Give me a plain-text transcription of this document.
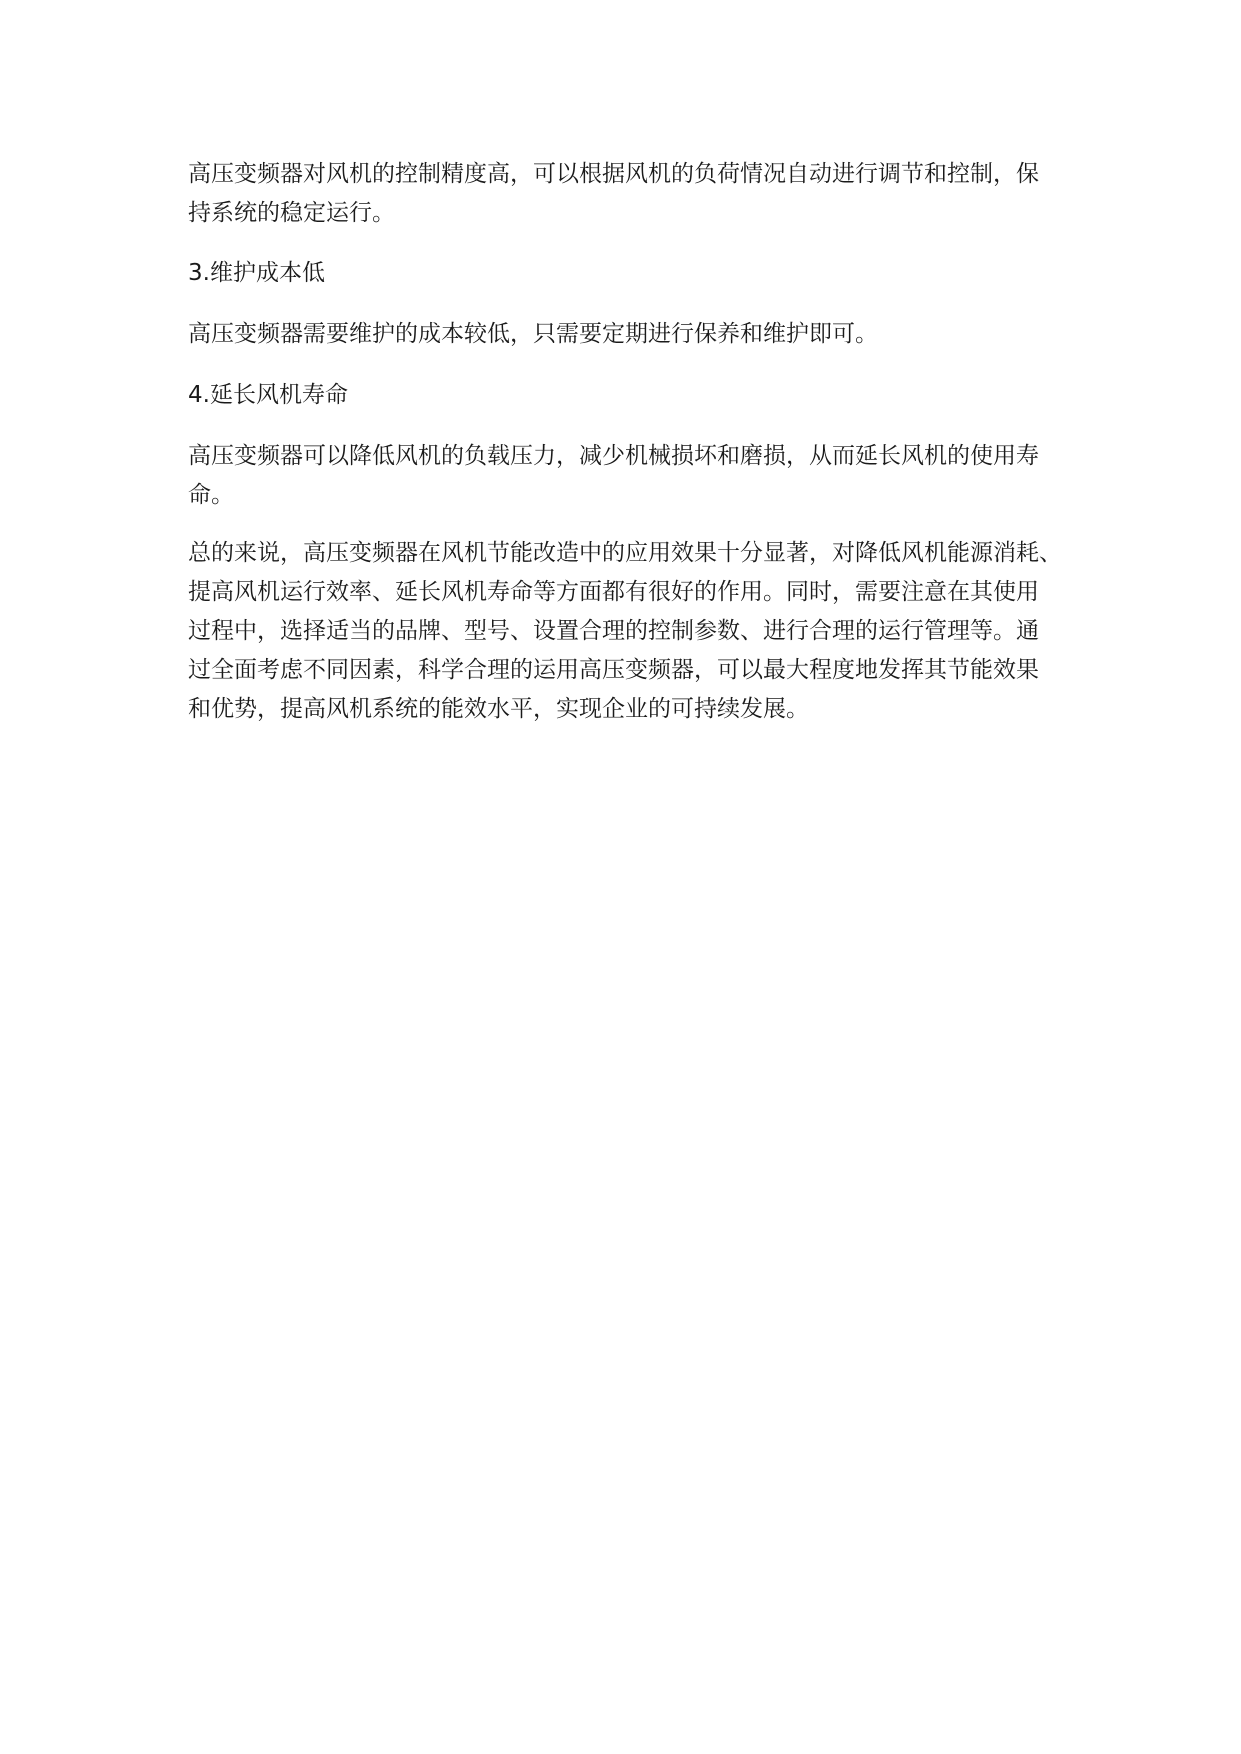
高压变频器对风机的控制精度高，可以根据风机的负荷情况自动进行调节和控制，保
持系统的稳定运行。
3.维护成本低
高压变频器需要维护的成本较低，只需要定期进行保养和维护即可。
4.延长风机寿命
高压变频器可以降低风机的负载压力，减少机械损坏和磨损，从而延长风机的使用寿
命。
总的来说，高压变频器在风机节能改造中的应用效果十分显著，对降低风机能源消耗、
提高风机运行效率、延长风机寿命等方面都有很好的作用。同时，需要注意在其使用
过程中，选择适当的品牌、型号、设置合理的控制参数、进行合理的运行管理等。通
过全面考虑不同因素，科学合理的运用高压变频器，可以最大程度地发挥其节能效果
和优势，提高风机系统的能效水平，实现企业的可持续发展。
